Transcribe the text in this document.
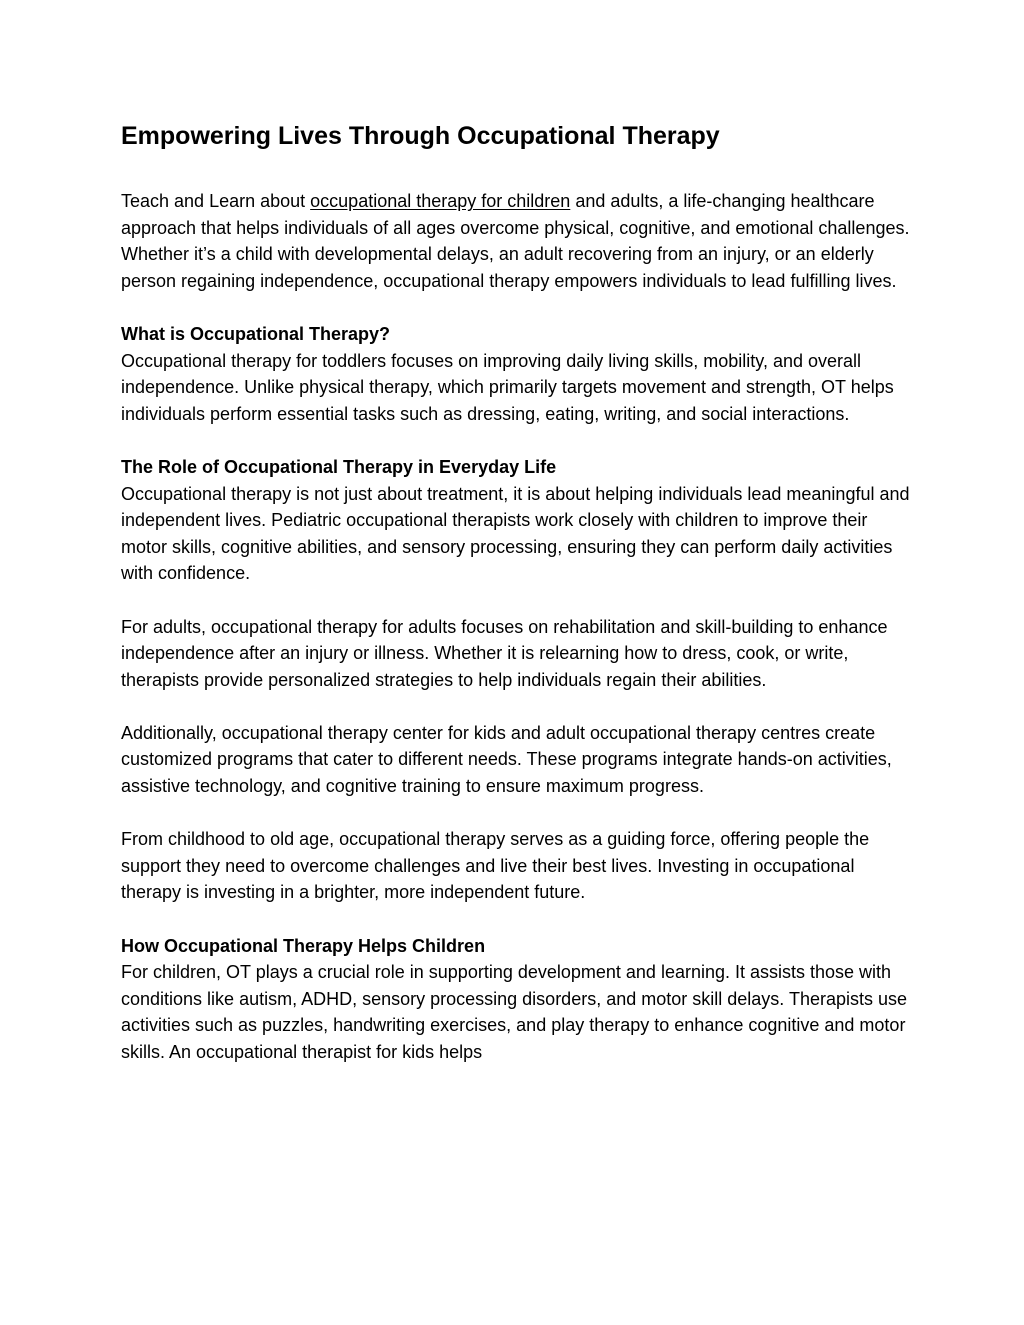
Empowering Lives Through Occupational Therapy

Teach and Learn about occupational therapy for children and adults, a life-changing healthcare approach that helps individuals of all ages overcome physical, cognitive, and emotional challenges. Whether it’s a child with developmental delays, an adult recovering from an injury, or an elderly person regaining independence, occupational therapy empowers individuals to lead fulfilling lives.

What is Occupational Therapy?

Occupational therapy for toddlers focuses on improving daily living skills, mobility, and overall independence. Unlike physical therapy, which primarily targets movement and strength, OT helps individuals perform essential tasks such as dressing, eating, writing, and social interactions.

The Role of Occupational Therapy in Everyday Life

Occupational therapy is not just about treatment, it is about helping individuals lead meaningful and independent lives. Pediatric occupational therapists work closely with children to improve their motor skills, cognitive abilities, and sensory processing, ensuring they can perform daily activities with confidence.

For adults, occupational therapy for adults focuses on rehabilitation and skill-building to enhance independence after an injury or illness. Whether it is relearning how to dress, cook, or write, therapists provide personalized strategies to help individuals regain their abilities.

Additionally, occupational therapy center for kids and adult occupational therapy centres create customized programs that cater to different needs. These programs integrate hands-on activities, assistive technology, and cognitive training to ensure maximum progress.

From childhood to old age, occupational therapy serves as a guiding force, offering people the support they need to overcome challenges and live their best lives. Investing in occupational therapy is investing in a brighter, more independent future.

How Occupational Therapy Helps Children

For children, OT plays a crucial role in supporting development and learning. It assists those with conditions like autism, ADHD, sensory processing disorders, and motor skill delays. Therapists use activities such as puzzles, handwriting exercises, and play therapy to enhance cognitive and motor skills. An occupational therapist for kids helps
